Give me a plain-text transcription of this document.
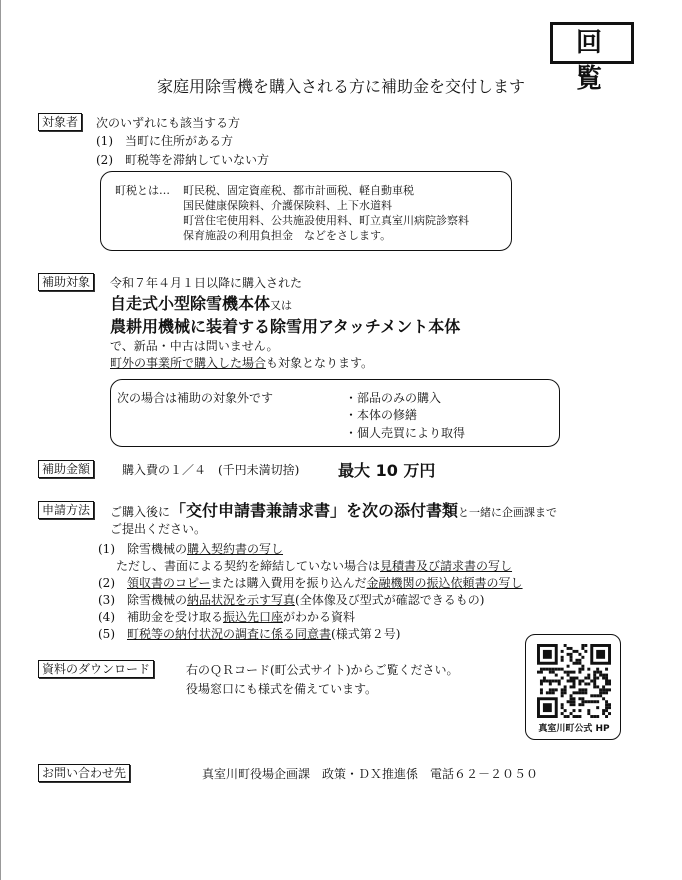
回 覧
家庭用除雪機を購入される方に補助金を交付します
対象者	次のいずれにも該当する方
(1)　当町に住所がある方
(2)　町税等を滞納していない方
町税とは… 町民税、固定資産税、都市計画税、軽自動車税
国民健康保険料、介護保険料、上下水道料
町営住宅使用料、公共施設使用料、町立真室川病院診察料
保育施設の利用負担金　などをさします。
補助対象	令和７年４月１日以降に購入された
自走式小型除雪機本体又は
農耕用機械に装着する除雪用アタッチメント本体
で、新品・中古は問いません。
町外の事業所で購入した場合も対象となります。
次の場合は補助の対象外です	・部品のみの購入
・本体の修繕
・個人売買により取得
補助金額	購入費の１／４　(千円未満切捨) 最大 10 万円
申請方法	ご購入後に「交付申請書兼請求書」を次の添付書類と一緒に企画課まで
ご提出ください。
(1)　除雪機械の購入契約書の写し
ただし、書面による契約を締結していない場合は見積書及び請求書の写し
(2)　領収書のコピーまたは購入費用を振り込んだ金融機関の振込依頼書の写し
(3)　除雪機械の納品状況を示す写真(全体像及び型式が確認できるもの)
(4)　補助金を受け取る振込先口座がわかる資料
(5)　町税等の納付状況の調査に係る同意書(様式第２号)
資料のダウンロード	右のＱＲコード(町公式サイト)からご覧ください。
役場窓口にも様式を備えています。
真室川町公式 HP
お問い合わせ先	真室川町役場企画課　政策・ＤＸ推進係　電話６２－２０５０
